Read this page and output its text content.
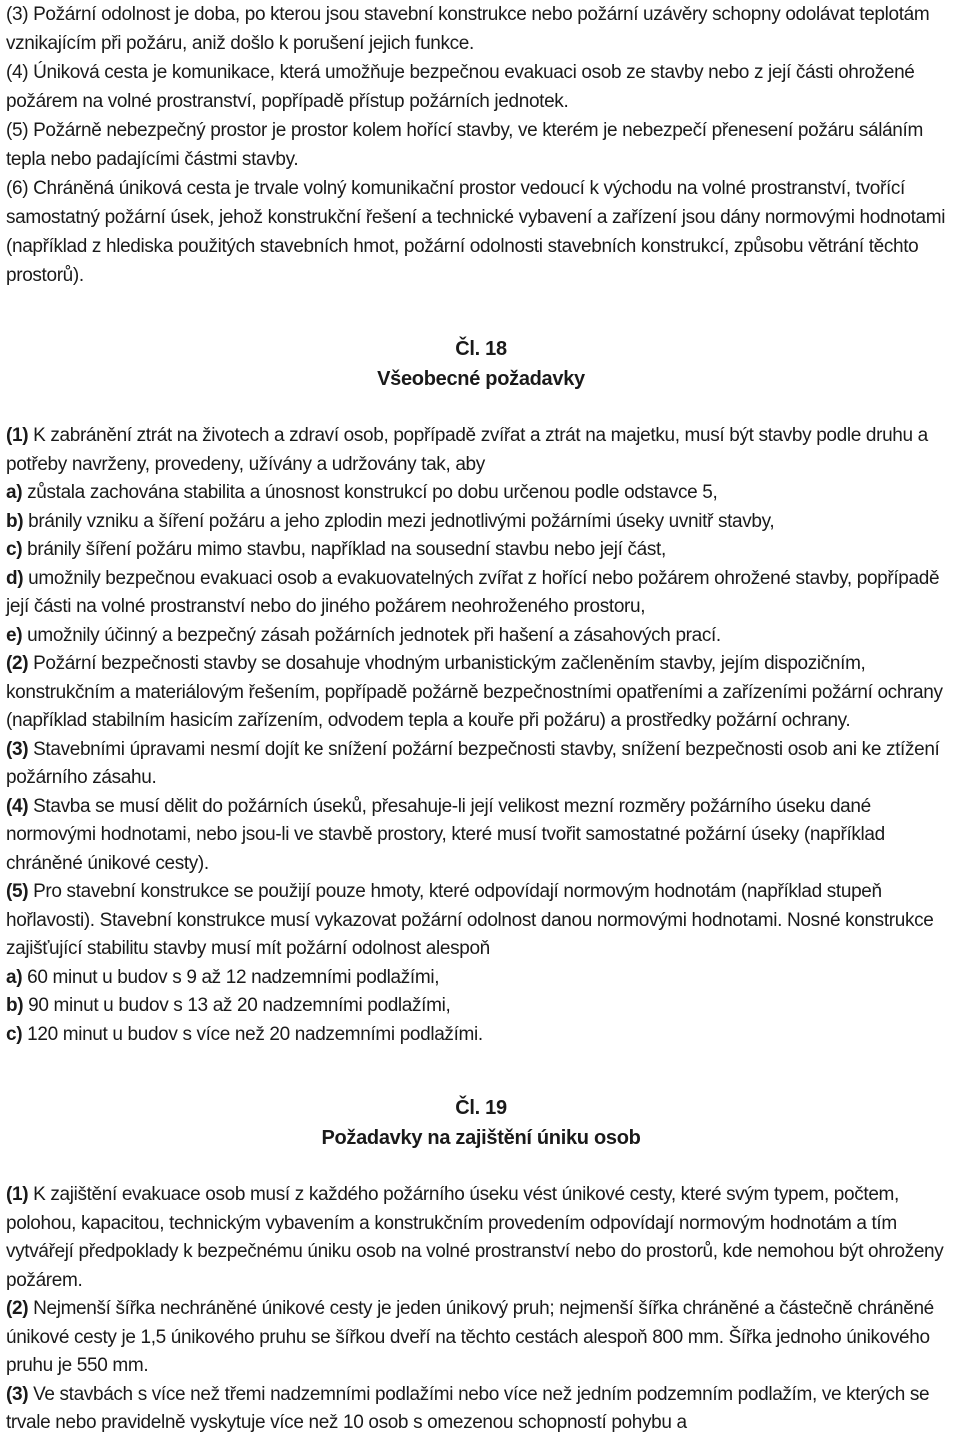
(3) Požární odolnost je doba, po kterou jsou stavební konstrukce nebo požární uzávěry schopny odolávat teplotám vznikajícím při požáru, aniž došlo k porušení jejich funkce.

(4) Úniková cesta je komunikace, která umožňuje bezpečnou evakuaci osob ze stavby nebo z její části ohrožené požárem na volné prostranství, popřípadě přístup požárních jednotek.

(5) Požárně nebezpečný prostor je prostor kolem hořící stavby, ve kterém je nebezpečí přenesení požáru sáláním tepla nebo padajícími částmi stavby.

(6) Chráněná úniková cesta je trvale volný komunikační prostor vedoucí k východu na volné prostranství, tvořící samostatný požární úsek, jehož konstrukční řešení a technické vybavení a zařízení jsou dány normovými hodnotami (například z hlediska použitých stavebních hmot, požární odolnosti stavebních konstrukcí, způsobu větrání těchto prostorů).

Čl. 18

Všeobecné požadavky

(1) K zabránění ztrát na životech a zdraví osob, popřípadě zvířat a ztrát na majetku, musí být stavby podle druhu a potřeby navrženy, provedeny, užívány a udržovány tak, aby

a) zůstala zachována stabilita a únosnost konstrukcí po dobu určenou podle odstavce 5,

b) bránily vzniku a šíření požáru a jeho zplodin mezi jednotlivými požárními úseky uvnitř stavby,

c) bránily šíření požáru mimo stavbu, například na sousední stavbu nebo její část,

d) umožnily bezpečnou evakuaci osob a evakuovatelných zvířat z hořící nebo požárem ohrožené stavby, popřípadě její části na volné prostranství nebo do jiného požárem neohroženého prostoru,

e) umožnily účinný a bezpečný zásah požárních jednotek při hašení a zásahových prací.

(2) Požární bezpečnosti stavby se dosahuje vhodným urbanistickým začleněním stavby, jejím dispozičním, konstrukčním a materiálovým řešením, popřípadě požárně bezpečnostními opatřeními a zařízeními požární ochrany (například stabilním hasicím zařízením, odvodem tepla a kouře při požáru) a prostředky požární ochrany.

(3) Stavebními úpravami nesmí dojít ke snížení požární bezpečnosti stavby, snížení bezpečnosti osob ani ke ztížení požárního zásahu.

(4) Stavba se musí dělit do požárních úseků, přesahuje-li její velikost mezní rozměry požárního úseku dané normovými hodnotami, nebo jsou-li ve stavbě prostory, které musí tvořit samostatné požární úseky (například chráněné únikové cesty).

(5) Pro stavební konstrukce se použijí pouze hmoty, které odpovídají normovým hodnotám (například stupeň hořlavosti). Stavební konstrukce musí vykazovat požární odolnost danou normovými hodnotami. Nosné konstrukce zajišťující stabilitu stavby musí mít požární odolnost alespoň

a) 60 minut u budov s 9 až 12 nadzemními podlažími,

b) 90 minut u budov s 13 až 20 nadzemními podlažími,

c) 120 minut u budov s více než 20 nadzemními podlažími.

Čl. 19

Požadavky na zajištění úniku osob

(1) K zajištění evakuace osob musí z každého požárního úseku vést únikové cesty, které svým typem, počtem, polohou, kapacitou, technickým vybavením a konstrukčním provedením odpovídají normovým hodnotám a tím vytvářejí předpoklady k bezpečnému úniku osob na volné prostranství nebo do prostorů, kde nemohou být ohroženy požárem.

(2) Nejmenší šířka nechráněné únikové cesty je jeden únikový pruh; nejmenší šířka chráněné a částečně chráněné únikové cesty je 1,5 únikového pruhu se šířkou dveří na těchto cestách alespoň 800 mm. Šířka jednoho únikového pruhu je 550 mm.

(3) Ve stavbách s více než třemi nadzemními podlažími nebo více než jedním podzemním podlažím, ve kterých se trvale nebo pravidelně vyskytuje více než 10 osob s omezenou schopností pohybu a
